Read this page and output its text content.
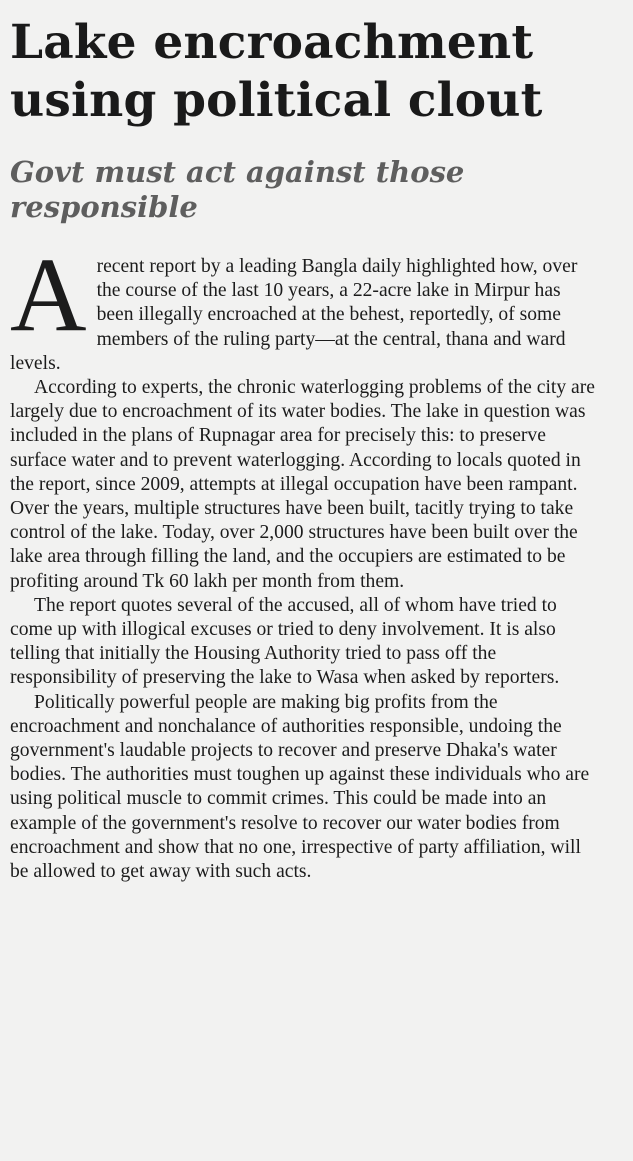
Lake encroachment
using political clout
Govt must act against those
responsible

Arecent report by a leading Bangla daily highlighted how, over the course of the last 10 years, a 22-acre lake in Mirpur has been illegally encroached at the behest, reportedly, of some members of the ruling party—at the central, thana and ward levels.

According to experts, the chronic waterlogging problems of the city are largely due to encroachment of its water bodies. The lake in question was included in the plans of Rupnagar area for precisely this: to preserve surface water and to prevent waterlogging. According to locals quoted in the report, since 2009, attempts at illegal occupation have been rampant. Over the years, multiple structures have been built, tacitly trying to take control of the lake. Today, over 2,000 structures have been built over the lake area through filling the land, and the occupiers are estimated to be profiting around Tk 60 lakh per month from them.

The report quotes several of the accused, all of whom have tried to come up with illogical excuses or tried to deny involvement. It is also telling that initially the Housing Authority tried to pass off the responsibility of preserving the lake to Wasa when asked by reporters.

Politically powerful people are making big profits from the encroachment and nonchalance of authorities responsible, undoing the government's laudable projects to recover and preserve Dhaka's water bodies. The authorities must toughen up against these individuals who are using political muscle to commit crimes. This could be made into an example of the government's resolve to recover our water bodies from encroachment and show that no one, irrespective of party affiliation, will be allowed to get away with such acts.
